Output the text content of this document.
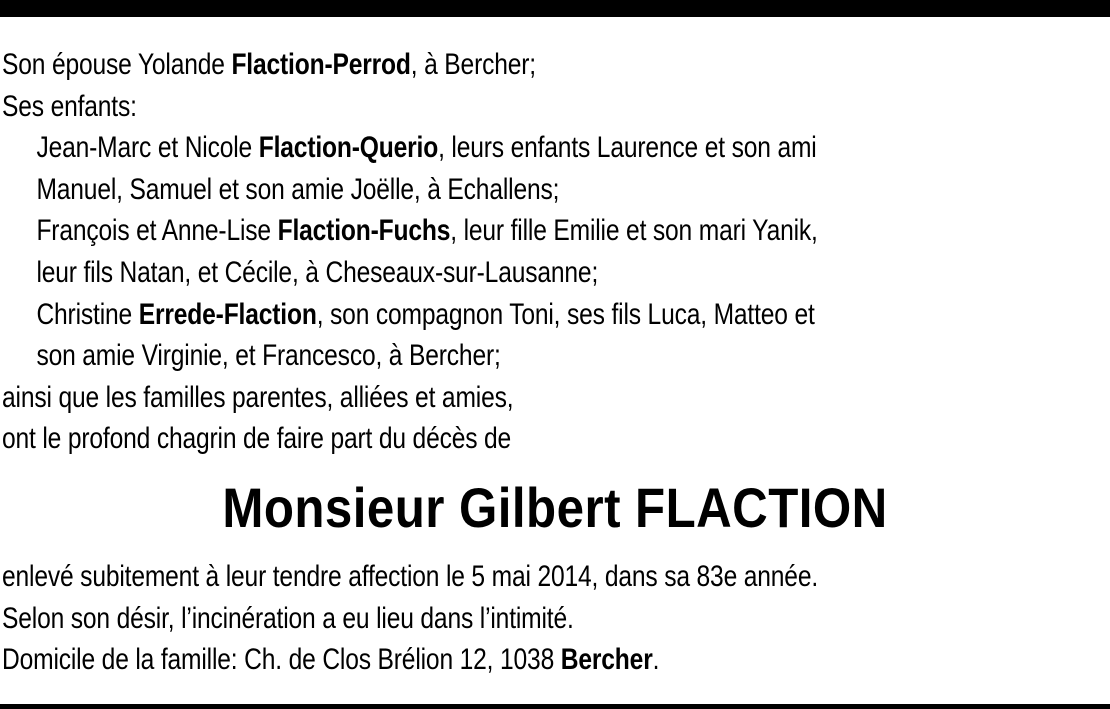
Son épouse Yolande Flaction-Perrod, à Bercher;
Ses enfants:
Jean-Marc et Nicole Flaction-Querio, leurs enfants Laurence et son ami
Manuel, Samuel et son amie Joëlle, à Echallens;
François et Anne-Lise Flaction-Fuchs, leur fille Emilie et son mari Yanik,
leur fils Natan, et Cécile, à Cheseaux-sur-Lausanne;
Christine Errede-Flaction, son compagnon Toni, ses fils Luca, Matteo et
son amie Virginie, et Francesco, à Bercher;
ainsi que les familles parentes, alliées et amies,
ont le profond chagrin de faire part du décès de
Monsieur Gilbert FLACTION
enlevé subitement à leur tendre affection le 5 mai 2014, dans sa 83e année.
Selon son désir, l’incinération a eu lieu dans l’intimité.
Domicile de la famille: Ch. de Clos Brélion 12, 1038 Bercher.
